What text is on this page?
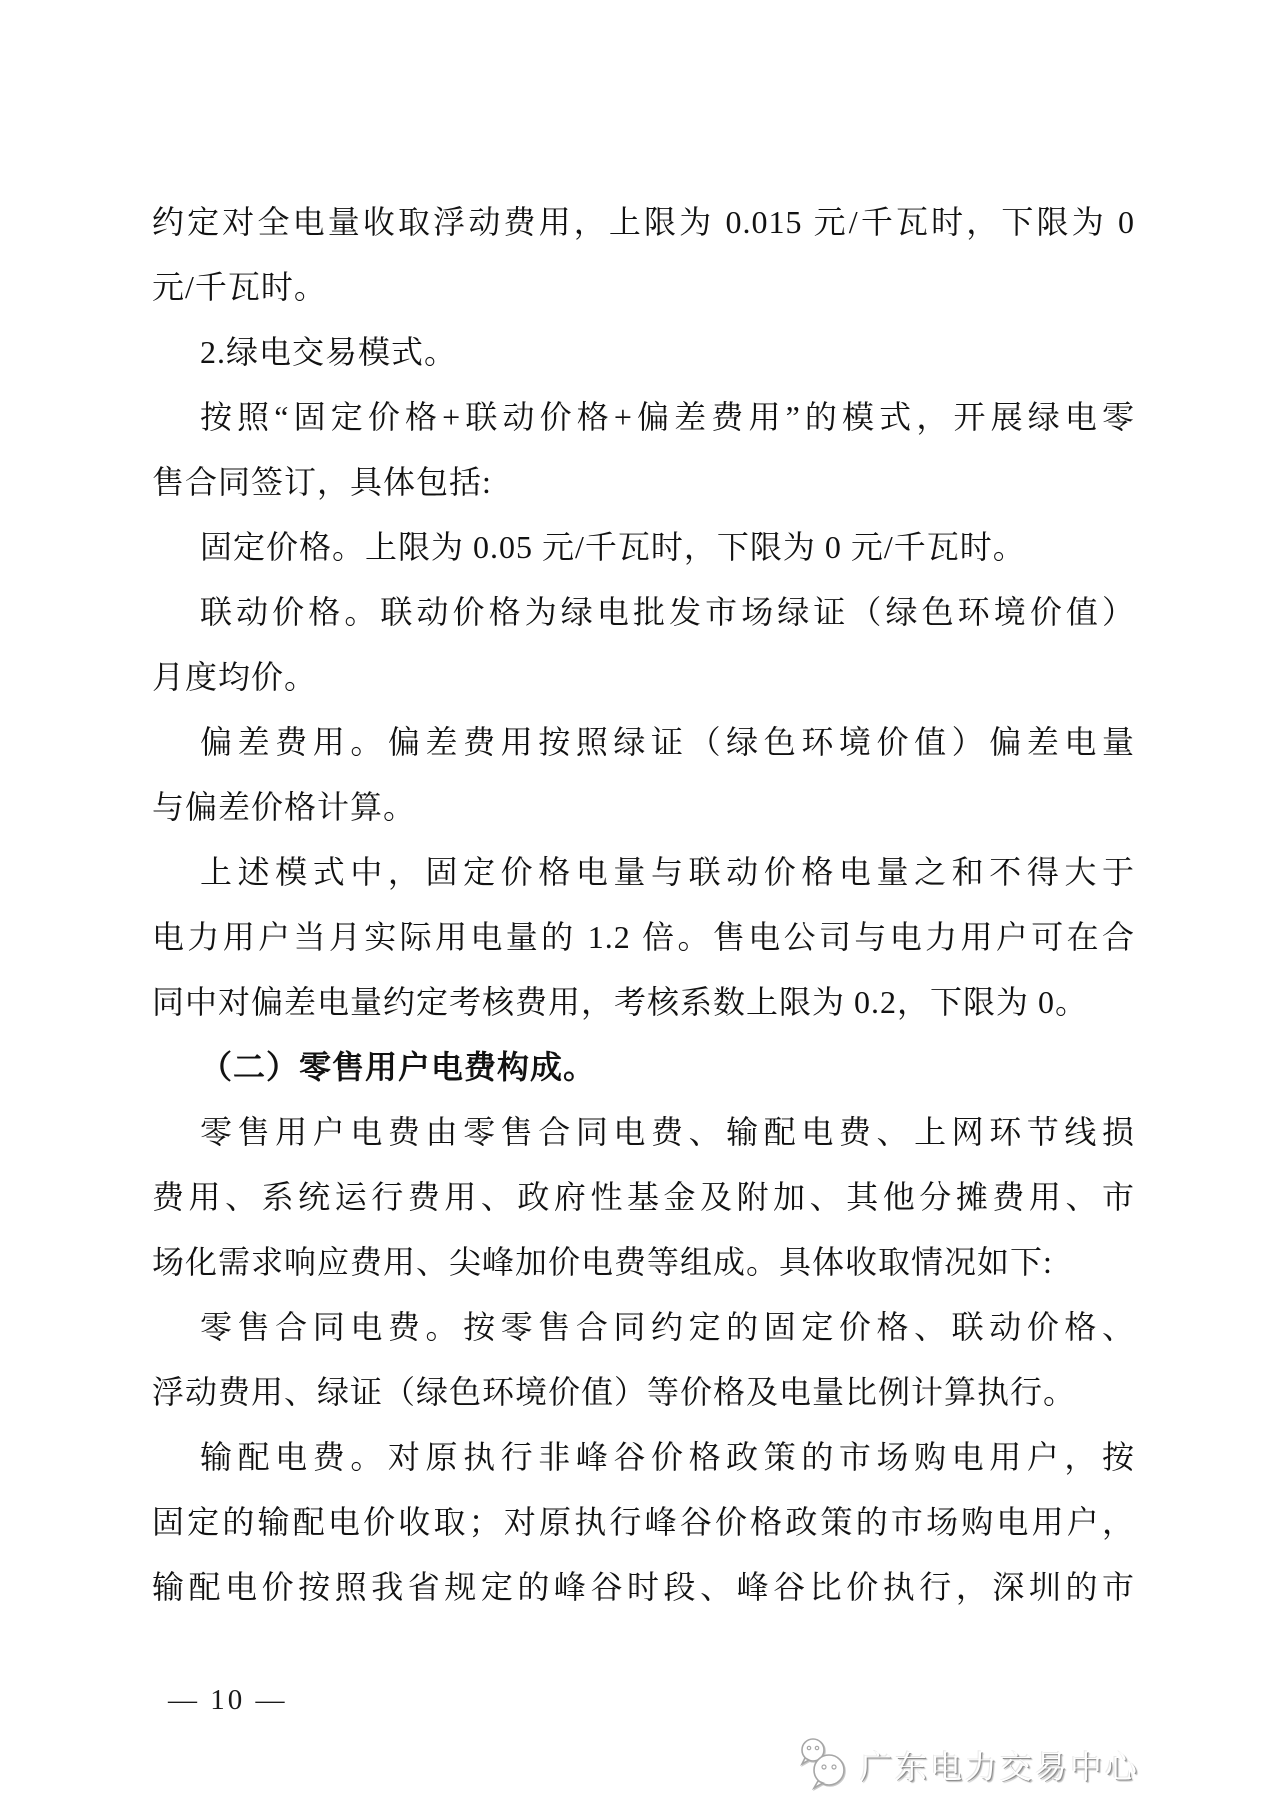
约定对全电量收取浮动费用，上限为 0.015 元/千瓦时，下限为 0
元/千瓦时。
2.绿电交易模式。
按照“固定价格+联动价格+偏差费用”的模式，开展绿电零
售合同签订，具体包括:
固定价格。上限为 0.05 元/千瓦时，下限为 0 元/千瓦时。
联动价格。联动价格为绿电批发市场绿证（绿色环境价值）
月度均价。
偏差费用。偏差费用按照绿证（绿色环境价值）偏差电量
与偏差价格计算。
上述模式中，固定价格电量与联动价格电量之和不得大于
电力用户当月实际用电量的 1.2 倍。售电公司与电力用户可在合
同中对偏差电量约定考核费用，考核系数上限为 0.2，下限为 0。
（二）零售用户电费构成。
零售用户电费由零售合同电费、输配电费、上网环节线损
费用、系统运行费用、政府性基金及附加、其他分摊费用、市
场化需求响应费用、尖峰加价电费等组成。具体收取情况如下:
零售合同电费。按零售合同约定的固定价格、联动价格、
浮动费用、绿证（绿色环境价值）等价格及电量比例计算执行。
输配电费。对原执行非峰谷价格政策的市场购电用户，按
固定的输配电价收取；对原执行峰谷价格政策的市场购电用户，
输配电价按照我省规定的峰谷时段、峰谷比价执行，深圳的市
— 10 —
广东电力交易中心
